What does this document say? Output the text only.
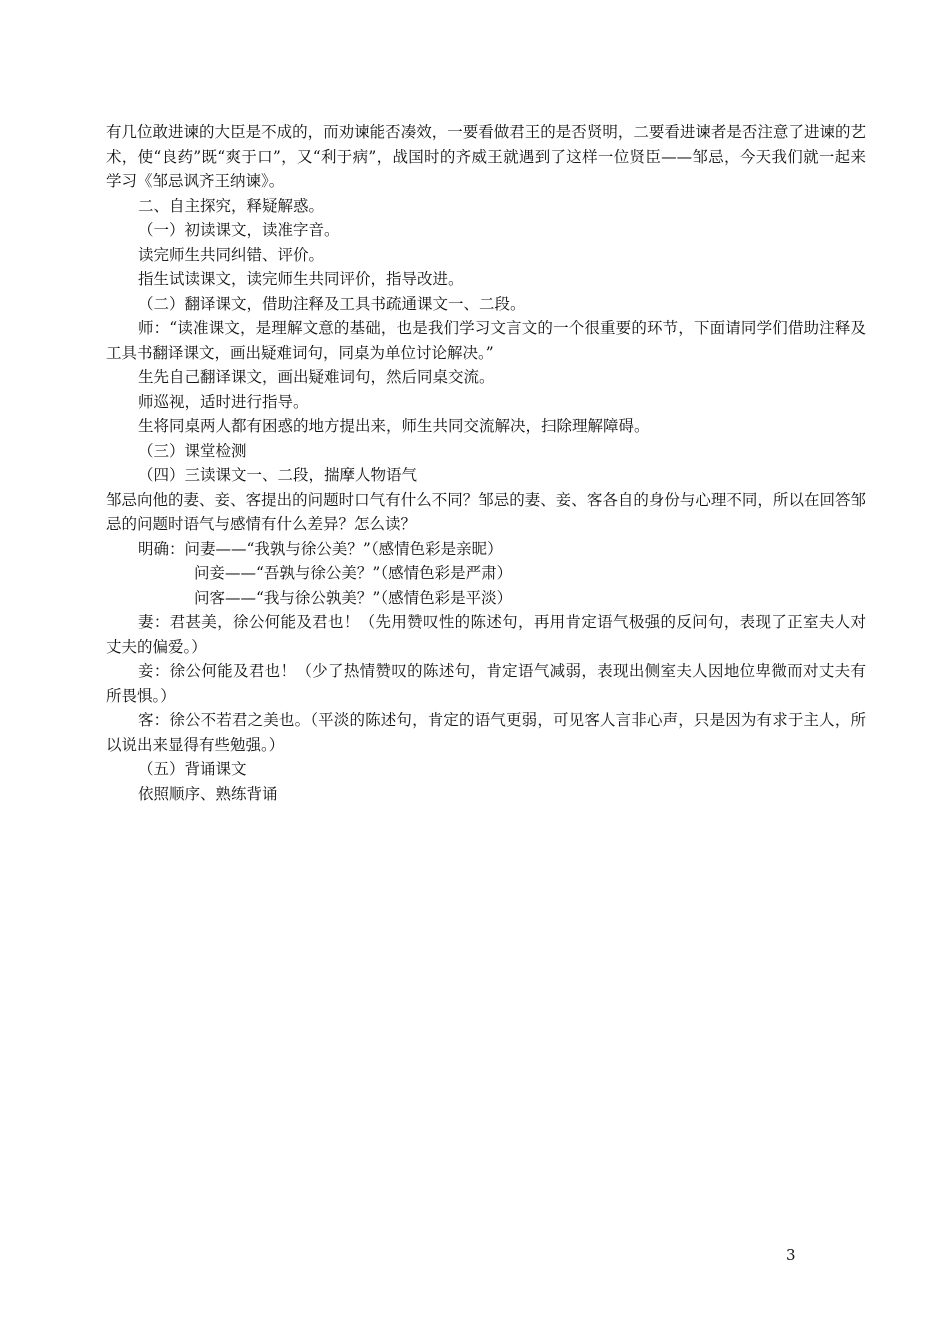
有几位敢进谏的大臣是不成的，而劝谏能否凑效，一要看做君王的是否贤明，二要看进谏者是否注意了进谏的艺术，使“良药”既“爽于口”，又“利于病”，战国时的齐威王就遇到了这样一位贤臣——邹忌，今天我们就一起来学习《邹忌讽齐王纳谏》。

二、自主探究，释疑解惑。

（一）初读课文，读准字音。

读完师生共同纠错、评价。

指生试读课文，读完师生共同评价，指导改进。

（二）翻译课文，借助注释及工具书疏通课文一、二段。

师：“读准课文，是理解文意的基础，也是我们学习文言文的一个很重要的环节，下面请同学们借助注释及工具书翻译课文，画出疑难词句，同桌为单位讨论解决。”

生先自己翻译课文，画出疑难词句，然后同桌交流。

师巡视，适时进行指导。

生将同桌两人都有困惑的地方提出来，师生共同交流解决，扫除理解障碍。

（三）课堂检测

（四）三读课文一、二段，揣摩人物语气

邹忌向他的妻、妾、客提出的问题时口气有什么不同？邹忌的妻、妾、客各自的身份与心理不同，所以在回答邹忌的问题时语气与感情有什么差异？怎么读？

明确：问妻——“我孰与徐公美？”（感情色彩是亲昵）

问妾——“吾孰与徐公美？”（感情色彩是严肃）

问客——“我与徐公孰美？”（感情色彩是平淡）

妻：君甚美，徐公何能及君也！（先用赞叹性的陈述句，再用肯定语气极强的反问句，表现了正室夫人对丈夫的偏爱。）

妾：徐公何能及君也！（少了热情赞叹的陈述句，肯定语气减弱，表现出侧室夫人因地位卑微而对丈夫有所畏惧。）

客：徐公不若君之美也。（平淡的陈述句，肯定的语气更弱，可见客人言非心声，只是因为有求于主人，所以说出来显得有些勉强。）

（五）背诵课文

依照顺序、熟练背诵

3
